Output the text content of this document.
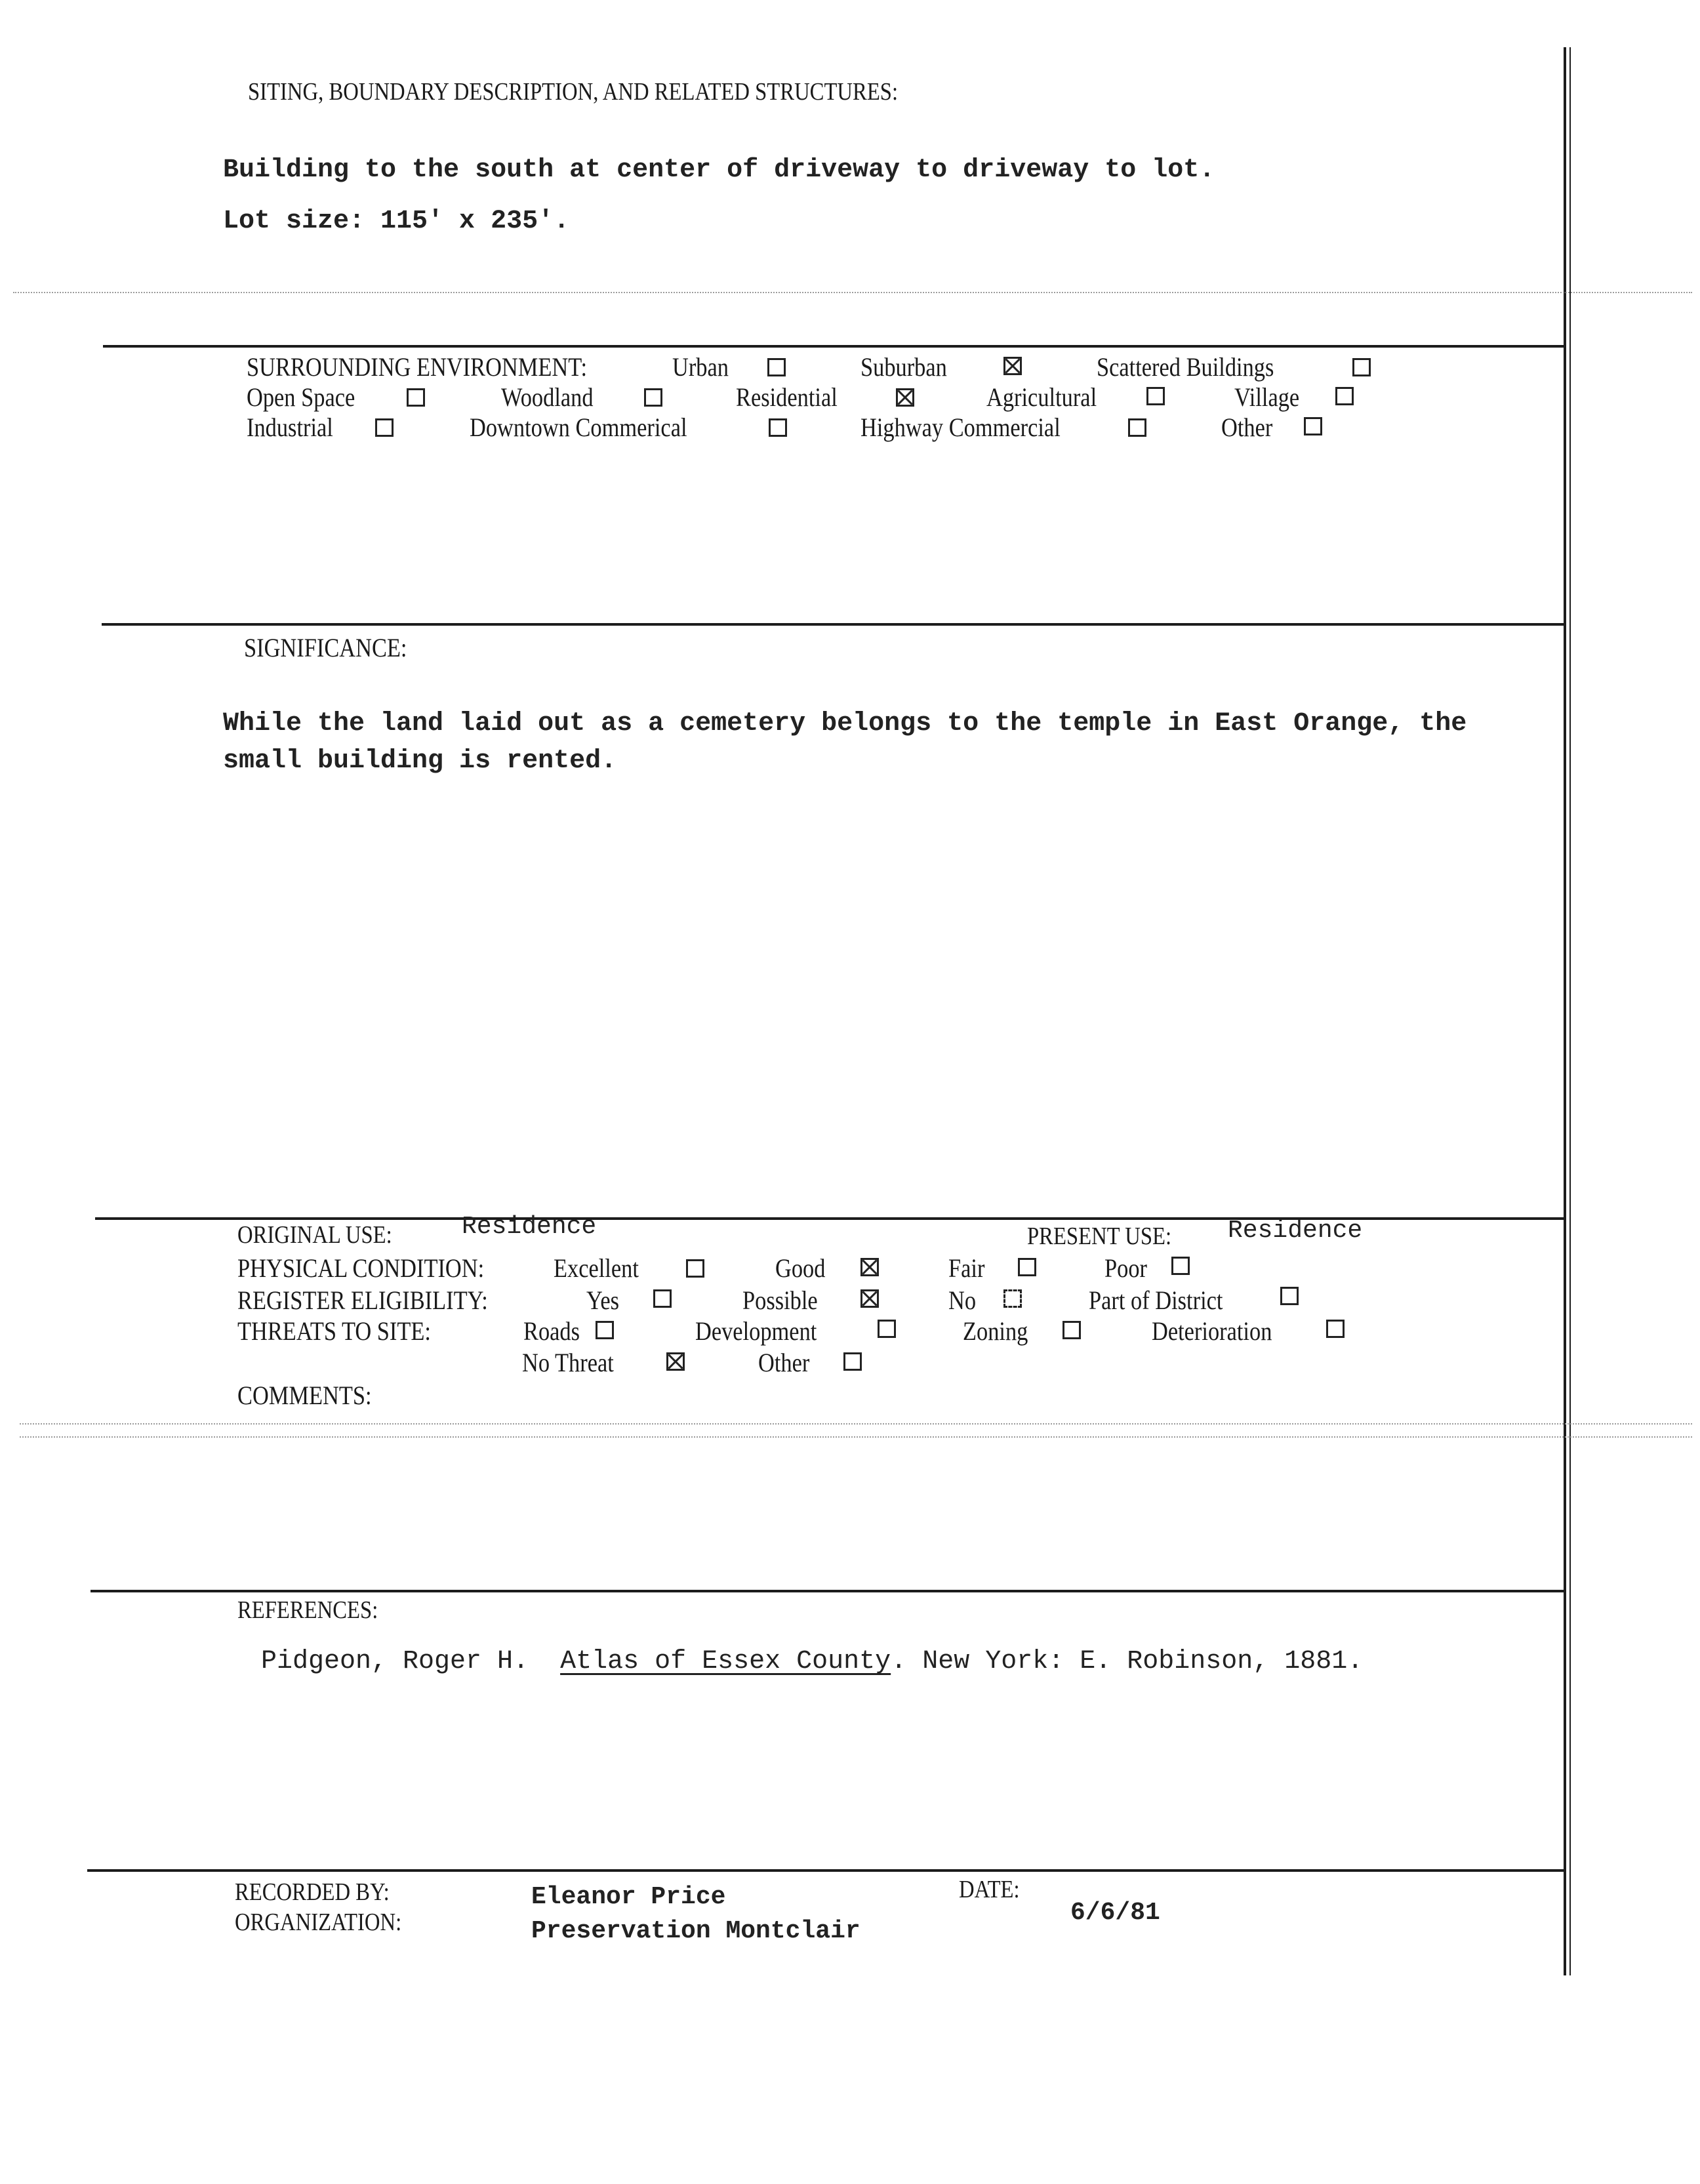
SITING, BOUNDARY DESCRIPTION, AND RELATED STRUCTURES:
Building to the south at center of driveway to driveway to lot.
Lot size: 115' x 235'.
SURROUNDING ENVIRONMENT:	Urban	Suburban	Scattered Buildings
Open Space	Woodland	Residential	Agricultural	Village
Industrial	Downtown Commerical	Highway Commercial	Other
SIGNIFICANCE:
While the land laid out as a cemetery belongs to the temple in East Orange, the
small building is rented.
ORIGINAL USE:	Residence	PRESENT USE: Residence
PHYSICAL CONDITION:	Excellent	Good	Fair	Poor
REGISTER ELIGIBILITY:	Yes	Possible	No	Part of District
THREATS TO SITE:	Roads	Development	Zoning	Deterioration
No Threat	Other
COMMENTS:
REFERENCES:
Pidgeon, Roger H. Atlas of Essex County. New York: E. Robinson, 1881.
RECORDED BY:	Eleanor Price
ORGANIZATION:	Preservation Montclair
DATE:
6/6/81
